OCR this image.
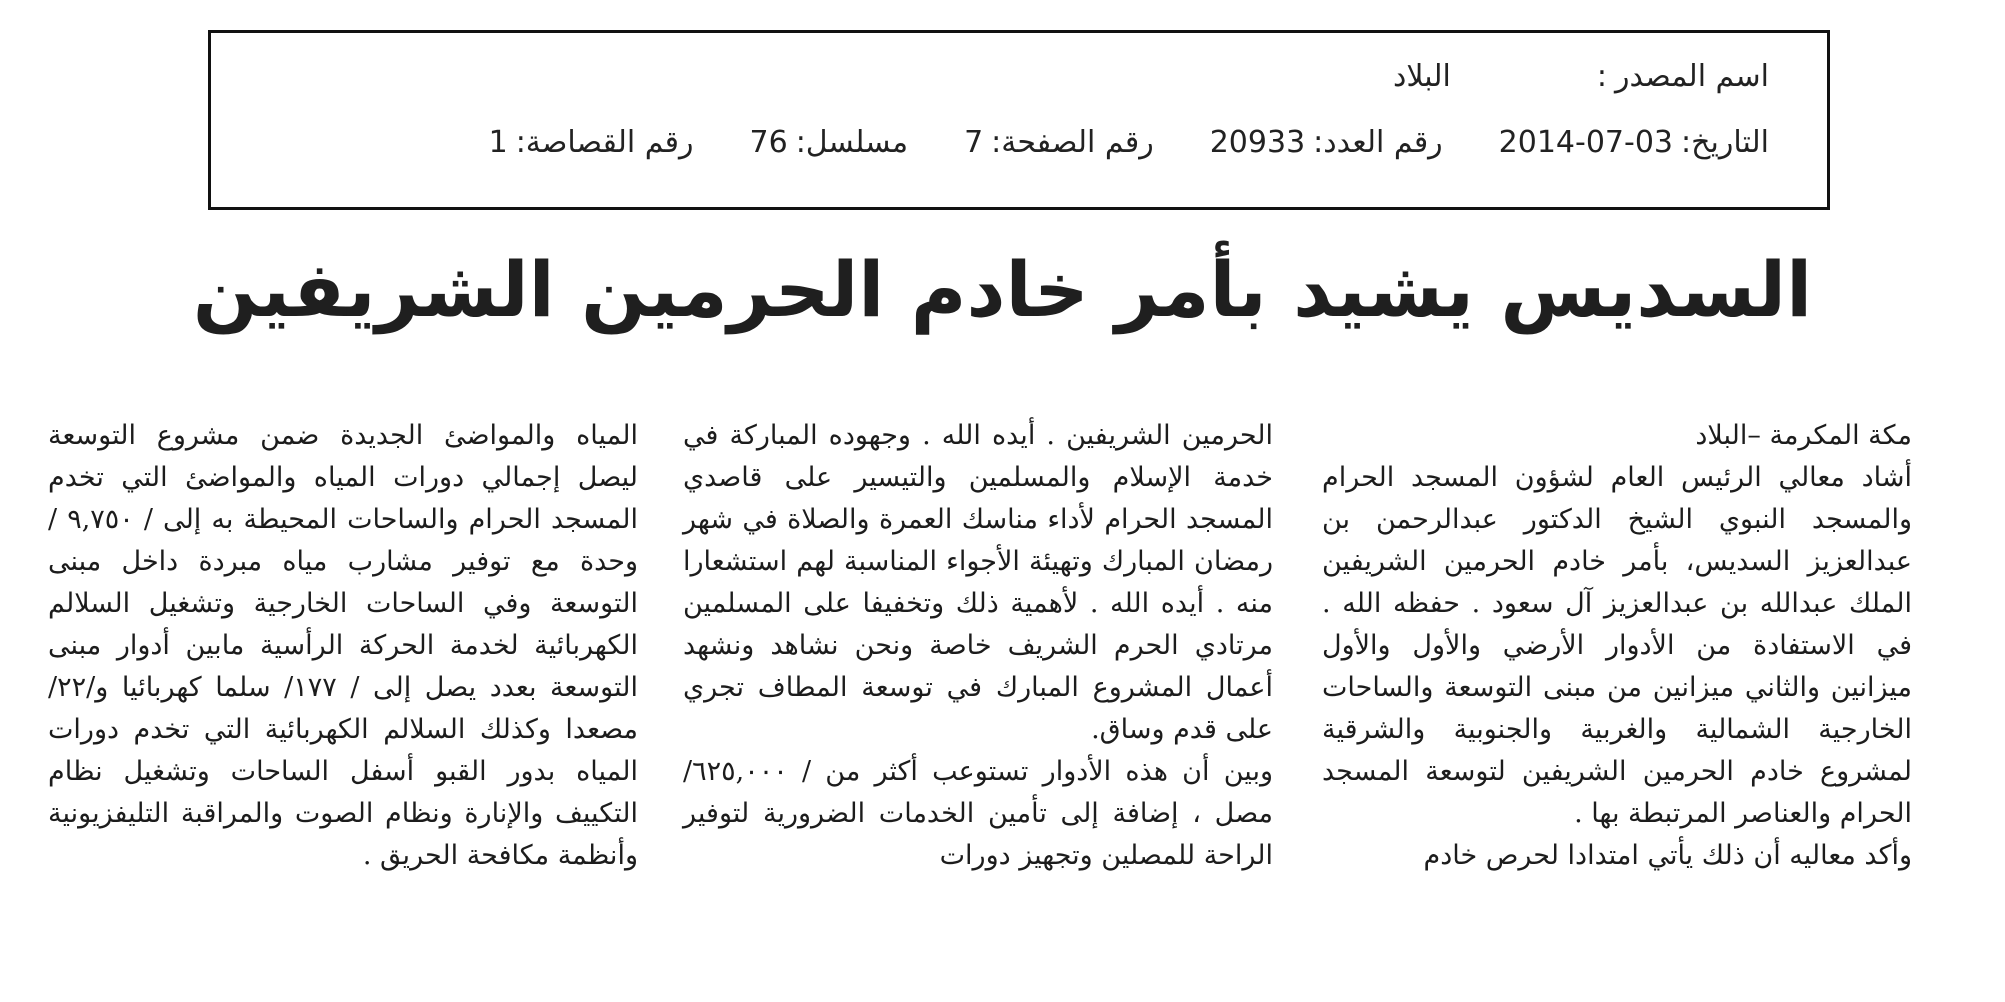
اسم المصدر
:
البلاد
التاريخ:
2014-07-03
رقم العدد:
20933
رقم الصفحة:
7
مسلسل:
76
رقم القصاصة:
1
السديس يشيد بأمر خادم الحرمين الشريفين
مكة المكرمة –البلاد

أشاد معالي الرئيس العام لشؤون المسجد الحرام والمسجد النبوي الشيخ الدكتور عبدالرحمن بن عبدالعزيز السديس، بأمر خادم الحرمين الشريفين الملك عبدالله بن عبدالعزيز آل سعود . حفظه الله . في الاستفادة من الأدوار الأرضي والأول والأول ميزانين والثاني ميزانين من مبنى التوسعة والساحات الخارجية الشمالية والغربية والجنوبية والشرقية لمشروع خادم الحرمين الشريفين لتوسعة المسجد الحرام والعناصر المرتبطة بها .

وأكد معاليه أن ذلك يأتي امتدادا لحرص خادم

الحرمين الشريفين . أيده الله . وجهوده المباركة في خدمة الإسلام والمسلمين والتيسير على قاصدي المسجد الحرام لأداء مناسك العمرة والصلاة في شهر رمضان المبارك وتهيئة الأجواء المناسبة لهم استشعارا منه . أيده الله . لأهمية ذلك وتخفيفا على المسلمين مرتادي الحرم الشريف خاصة ونحن نشاهد ونشهد أعمال المشروع المبارك في توسعة المطاف تجري على قدم وساق.

وبين أن هذه الأدوار تستوعب أكثر من / ٦٢٥,٠٠٠/ مصل ، إضافة إلى تأمين الخدمات الضرورية لتوفير الراحة للمصلين وتجهيز دورات

المياه والمواضئ الجديدة ضمن مشروع التوسعة ليصل إجمالي دورات المياه والمواضئ التي تخدم المسجد الحرام والساحات المحيطة به إلى / ٩,٧٥٠ / وحدة مع توفير مشارب مياه مبردة داخل مبنى التوسعة وفي الساحات الخارجية وتشغيل السلالم الكهربائية لخدمة الحركة الرأسية مابين أدوار مبنى التوسعة بعدد يصل إلى / ١٧٧/ سلما كهربائيا و/٢٢/ مصعدا وكذلك السلالم الكهربائية التي تخدم دورات المياه بدور القبو أسفل الساحات وتشغيل نظام التكييف والإنارة ونظام الصوت والمراقبة التليفزيونية وأنظمة مكافحة الحريق .
